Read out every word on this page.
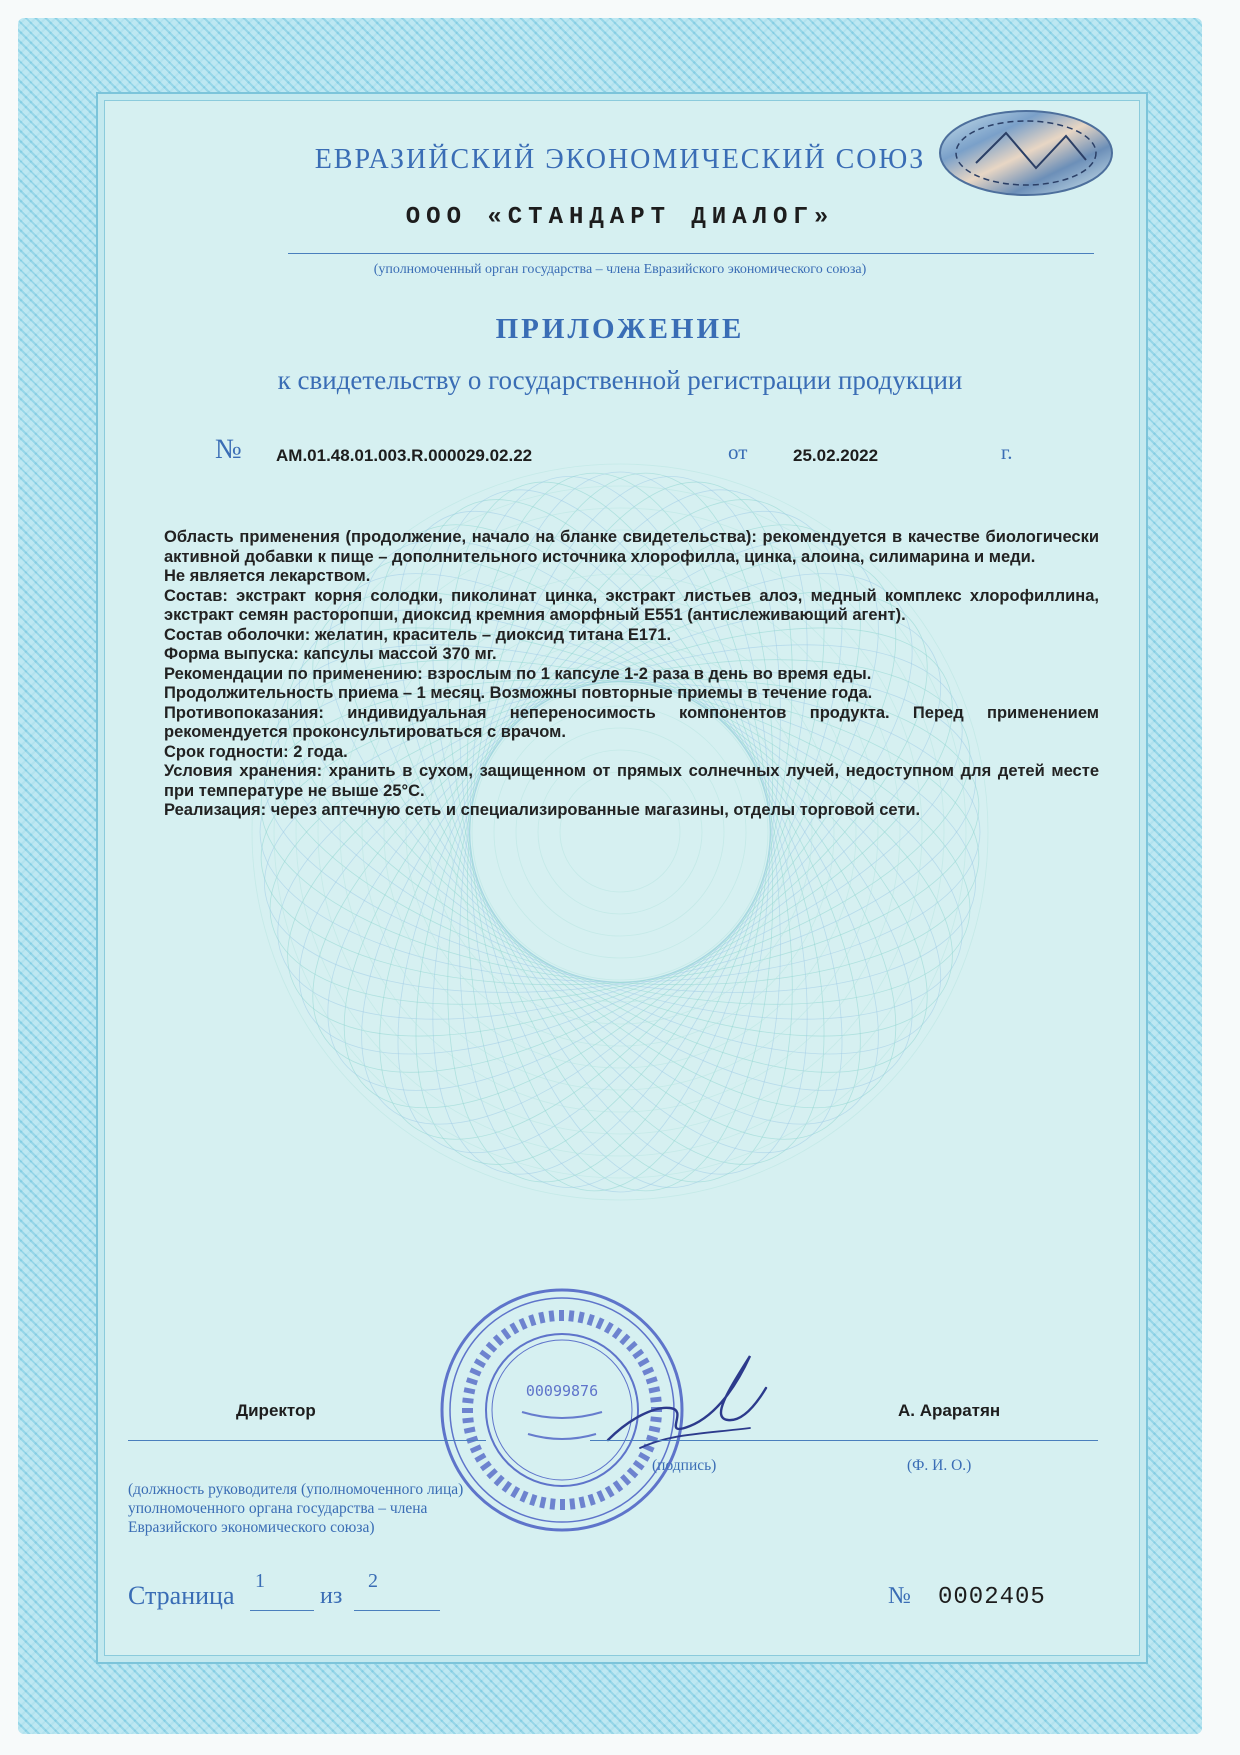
ЕВРАЗИЙСКИЙ ЭКОНОМИЧЕСКИЙ СОЮЗ

ООО «СТАНДАРТ ДИАЛОГ»

(уполномоченный орган государства – члена Евразийского экономического союза)

ПРИЛОЖЕНИЕ

к свидетельству о государственной регистрации продукции

№ AM.01.48.01.003.R.000029.02.22	от	25.02.2022	г.

Область применения (продолжение, начало на бланке свидетельства): рекомендуется в качестве биологически активной добавки к пище – дополнительного источника хлорофилла, цинка, алоина, силимарина и меди.

Не является лекарством.

Состав: экстракт корня солодки, пиколинат цинка, экстракт листьев алоэ, медный комплекс хлорофиллина, экстракт семян расторопши, диоксид кремния аморфный Е551 (антислеживающий агент).

Состав оболочки: желатин, краситель – диоксид титана Е171.

Форма выпуска: капсулы массой 370 мг.

Рекомендации по применению: взрослым по 1 капсуле 1-2 раза в день во время еды.

Продолжительность приема – 1 месяц. Возможны повторные приемы в течение года.

Противопоказания: индивидуальная непереносимость компонентов продукта. Перед применением рекомендуется проконсультироваться с врачом.

Срок годности: 2 года.

Условия хранения: хранить в сухом, защищенном от прямых солнечных лучей, недоступном для детей месте при температуре не выше 25°С.

Реализация: через аптечную сеть и специализированные магазины, отделы торговой сети.

00099876

Директор	А. Араратян

(должность руководителя (уполномоченного лица) уполномоченного органа государства – члена Евразийского экономического союза)

(подпись)	(Ф. И. О.)

Страница 1

из

2

№ 0002405
